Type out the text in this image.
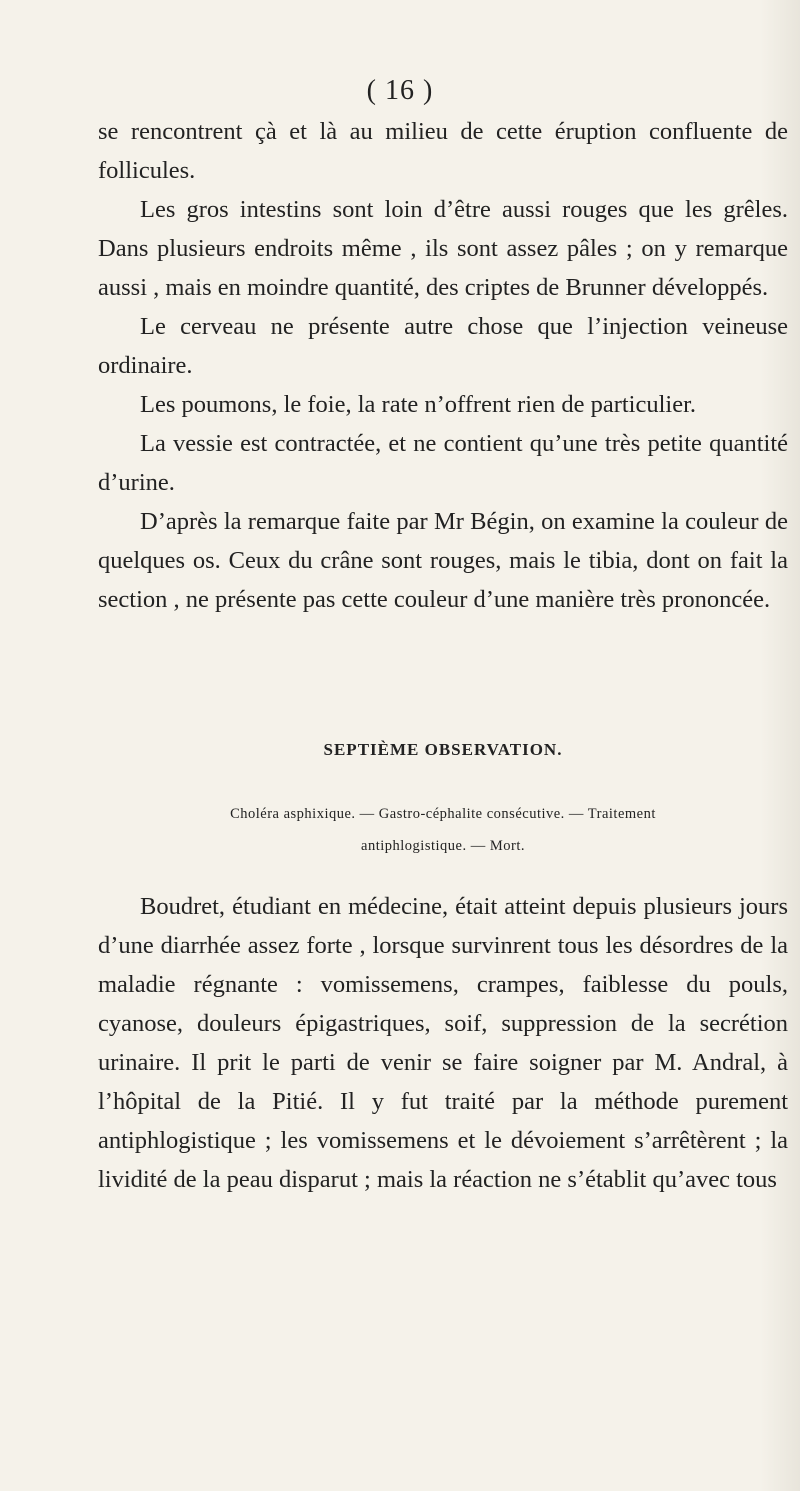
( 16 )

se rencontrent çà et là au milieu de cette éruption confluente de follicules.

Les gros intestins sont loin d’être aussi rouges que les grêles. Dans plusieurs endroits même , ils sont assez pâles ; on y remarque aussi , mais en moindre quantité, des criptes de Brunner développés.

Le cerveau ne présente autre chose que l’injection veineuse ordinaire.

Les poumons, le foie, la rate n’offrent rien de particulier.

La vessie est contractée, et ne contient qu’une très petite quantité d’urine.

D’après la remarque faite par Mr Bégin, on examine la couleur de quelques os. Ceux du crâne sont rouges, mais le tibia, dont on fait la section , ne présente pas cette couleur d’une manière très prononcée.

SEPTIÈME OBSERVATION.
Choléra asphixique. — Gastro-céphalite consécutive. — Traitement
antiphlogistique. — Mort.

Boudret, étudiant en médecine, était atteint depuis plusieurs jours d’une diarrhée assez forte , lorsque survinrent tous les désordres de la maladie régnante : vomissemens, crampes, faiblesse du pouls, cyanose, douleurs épigastriques, soif, suppression de la secrétion urinaire. Il prit le parti de venir se faire soigner par M. Andral, à l’hôpital de la Pitié. Il y fut traité par la méthode purement antiphlogistique ; les vomissemens et le dévoiement s’arrêtèrent ; la lividité de la peau disparut ; mais la réaction ne s’établit qu’avec tous
